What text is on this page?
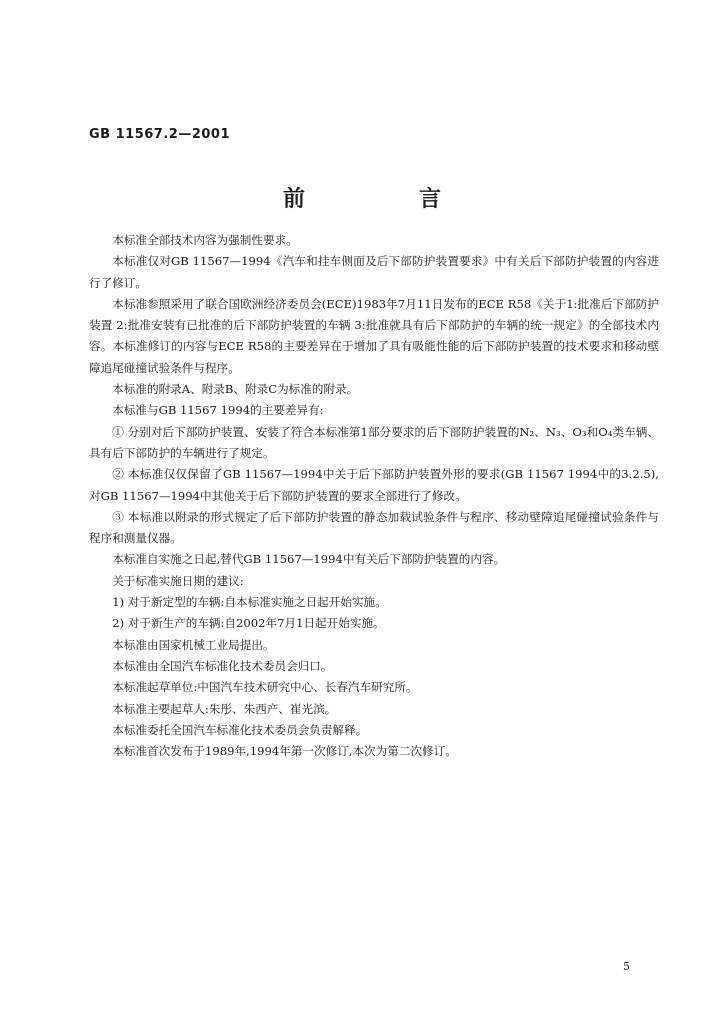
GB 11567.2—2001
前　言

本标准全部技术内容为强制性要求。

本标准仅对GB 11567—1994《汽车和挂车侧面及后下部防护装置要求》中有关后下部防护装置的内容进行了修订。

本标准参照采用了联合国欧洲经济委员会(ECE)1983年7月11日发布的ECE R58《关于1:批准后下部防护装置 2:批准安装有已批准的后下部防护装置的车辆 3:批准就具有后下部防护的车辆的统一规定》的全部技术内容。本标准修订的内容与ECE R58的主要差异在于增加了具有吸能性能的后下部防护装置的技术要求和移动壁障追尾碰撞试验条件与程序。

本标准的附录A、附录B、附录C为标准的附录。

本标准与GB 11567 1994的主要差异有:

① 分别对后下部防护装置、安装了符合本标准第1部分要求的后下部防护装置的N₂、N₃、O₃和O₄类车辆、具有后下部防护的车辆进行了规定。

② 本标准仅仅保留了GB 11567—1994中关于后下部防护装置外形的要求(GB 11567 1994中的3.2.5),对GB 11567—1994中其他关于后下部防护装置的要求全部进行了修改。

③ 本标准以附录的形式规定了后下部防护装置的静态加载试验条件与程序、移动壁障追尾碰撞试验条件与程序和测量仪器。

本标准自实施之日起,替代GB 11567—1994中有关后下部防护装置的内容。

关于标准实施日期的建议:

1) 对于新定型的车辆:自本标准实施之日起开始实施。

2) 对于新生产的车辆:自2002年7月1日起开始实施。

本标准由国家机械工业局提出。

本标准由全国汽车标准化技术委员会归口。

本标准起草单位:中国汽车技术研究中心、长春汽车研究所。

本标准主要起草人:朱彤、朱西产、崔光滨。

本标准委托全国汽车标准化技术委员会负责解释。

本标准首次发布于1989年,1994年第一次修订,本次为第二次修订。

5
